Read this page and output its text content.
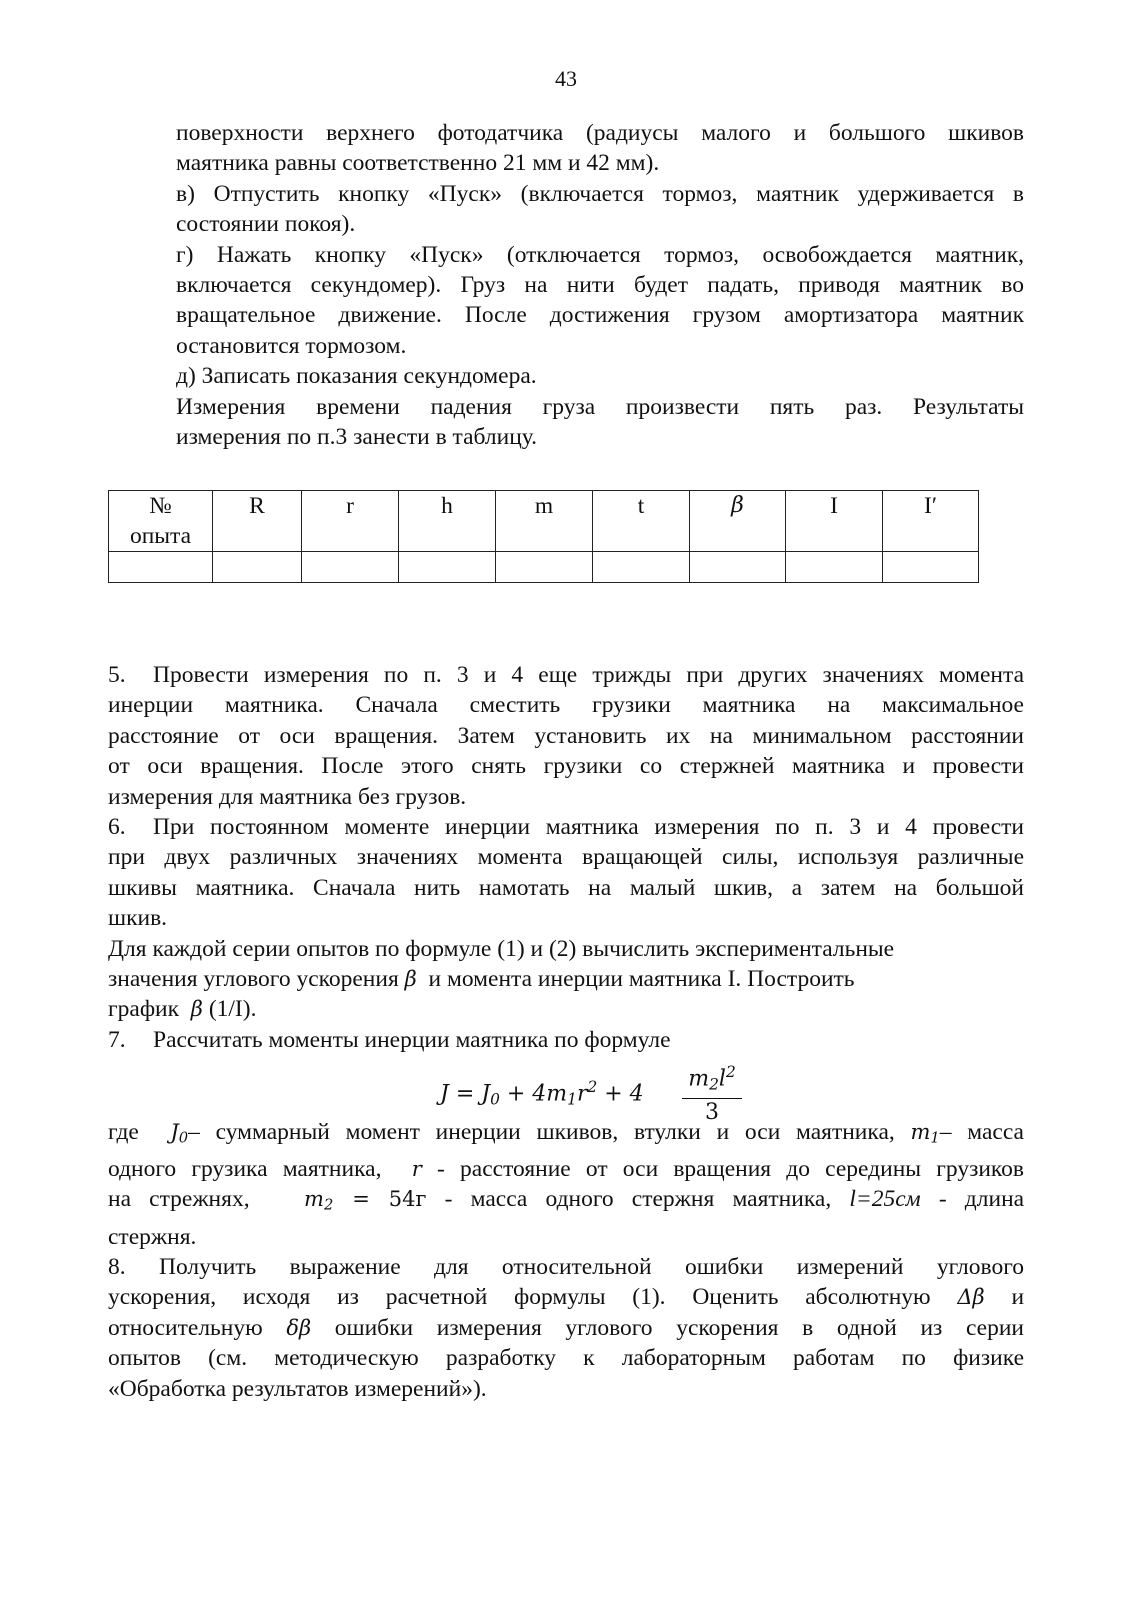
43
поверхности верхнего фотодатчика (радиусы малого и большого шкивов
маятника равны соответственно 21 мм и 42 мм).
в) Отпустить кнопку «Пуск» (включается тормоз, маятник удерживается в
состоянии покоя).
г) Нажать кнопку «Пуск» (отключается тормоз, освобождается маятник,
включается секундомер). Груз на нити будет падать, приводя маятник во
вращательное движение. После достижения грузом амортизатора маятник
остановится тормозом.
д) Записать показания секундомера.
Измерения времени падения груза произвести пять раз. Результаты
измерения по п.3 занести в таблицу.
№
опыта	R	r	h	m	t	β	I	I′

5. Провести измерения по п. 3 и 4 еще трижды при других значениях момента
инерции маятника. Сначала сместить грузики маятника на максимальное
расстояние от оси вращения. Затем установить их на минимальном расстоянии
от оси вращения. После этого снять грузики со стержней маятника и провести
измерения для маятника без грузов.
6. При постоянном моменте инерции маятника измерения по п. 3 и 4 провести
при двух различных значениях момента вращающей силы, используя различные
шкивы маятника. Сначала нить намотать на малый шкив, а затем на большой
шкив.
Для каждой серии опытов по формуле (1) и (2) вычислить экспериментальные
значения углового ускорения β и момента инерции маятника I. Построить
график β (1/I).
7. Рассчитать моменты инерции маятника по формуле
$J = J_0 + 4m_1r^2 + 4 \frac{m_2l^2}{3}$
где $J_0-$ суммарный момент инерции шкивов, втулки и оси маятника, $m_1-$ масса
одного грузика маятника, r - расстояние от оси вращения до середины грузиков
на стрежнях,	$m_2 = 54г$ - масса одного стержня маятника, l=25см - длина
стержня.
8. Получить выражение для относительной ошибки измерений углового
ускорения, исходя из расчетной формулы (1). Оценить абсолютную Δβ и
относительную δβ ошибки измерения углового ускорения в одной из серии
опытов (см. методическую разработку к лабораторным работам по физике
«Обработка результатов измерений»).
